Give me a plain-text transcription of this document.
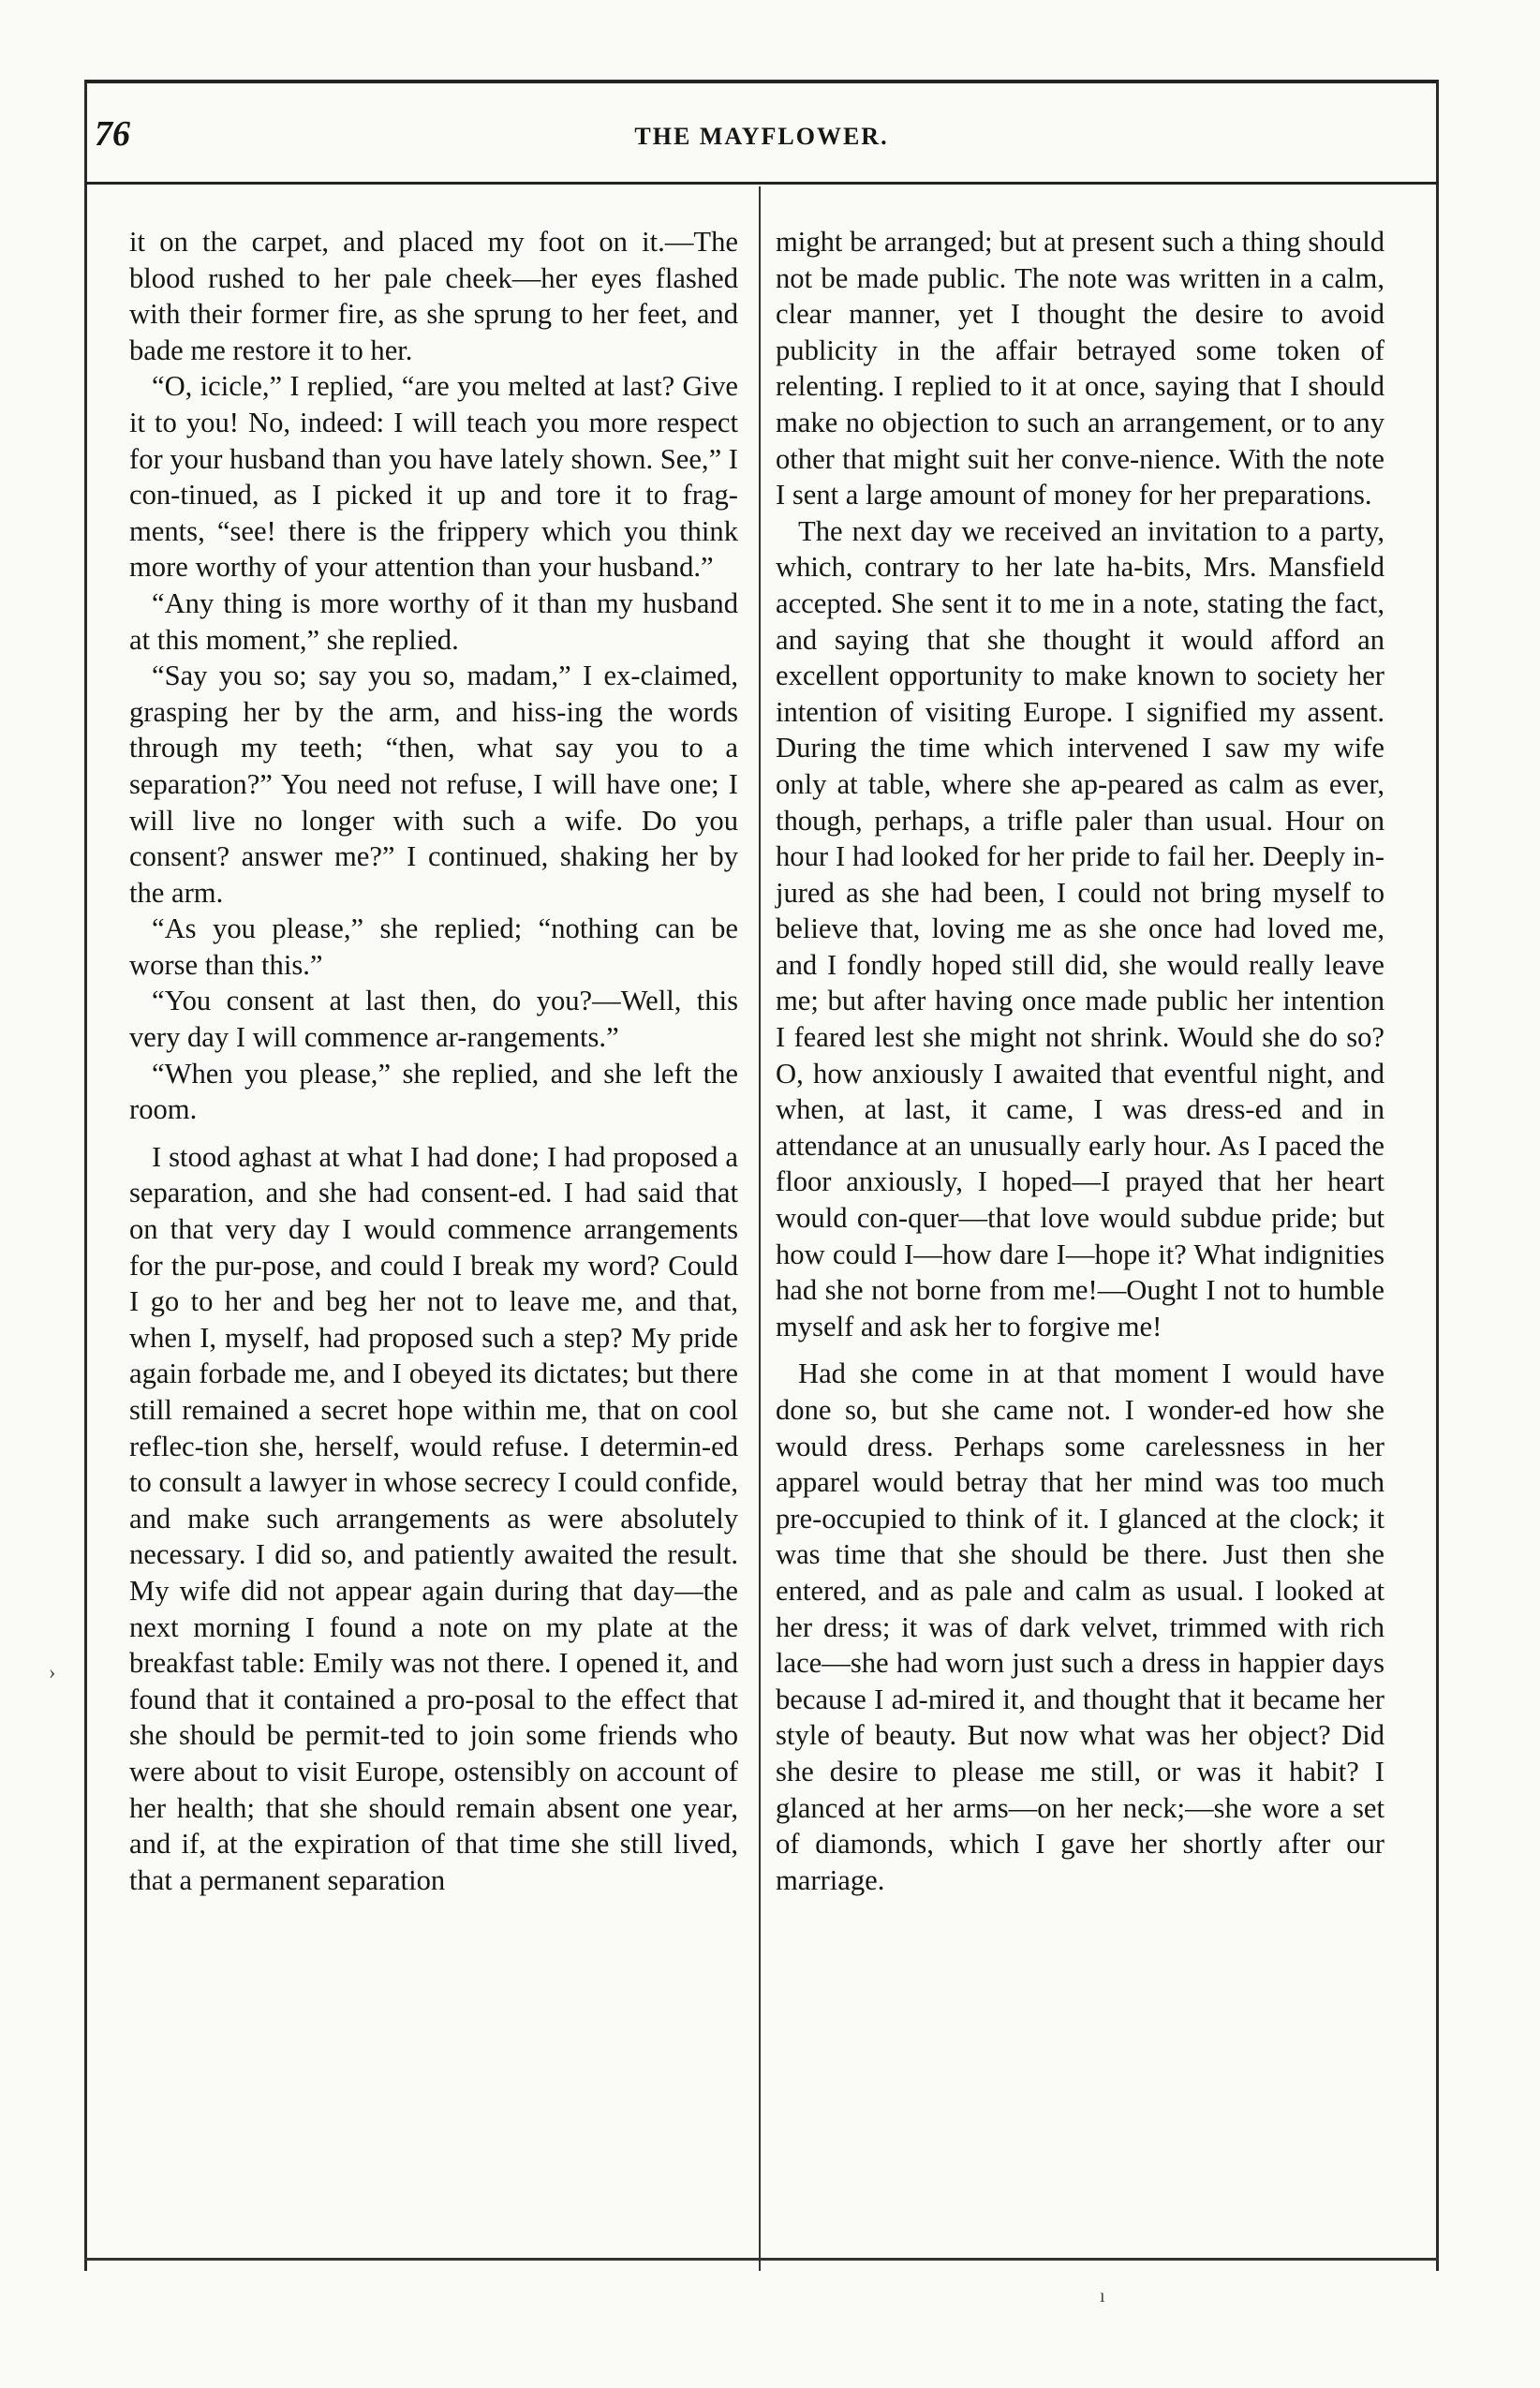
76	THE MAYFLOWER.

it on the carpet, and placed my foot on it.—The blood rushed to her pale cheek—her eyes flashed with their former fire, as she sprung to her feet, and bade me restore it to her.

“O, icicle,” I replied, “are you melted at last? Give it to you! No, indeed: I will teach you more respect for your husband than you have lately shown. See,” I con-tinued, as I picked it up and tore it to frag-ments, “see! there is the frippery which you think more worthy of your attention than your husband.”

“Any thing is more worthy of it than my husband at this moment,” she replied.

“Say you so; say you so, madam,” I ex-claimed, grasping her by the arm, and hiss-ing the words through my teeth; “then, what say you to a separation?” You need not refuse, I will have one; I will live no longer with such a wife. Do you consent? answer me?” I continued, shaking her by the arm.

“As you please,” she replied; “nothing can be worse than this.”

“You consent at last then, do you?—Well, this very day I will commence ar-rangements.”

“When you please,” she replied, and she left the room.

I stood aghast at what I had done; I had proposed a separation, and she had consent-ed. I had said that on that very day I would commence arrangements for the pur-pose, and could I break my word? Could I go to her and beg her not to leave me, and that, when I, myself, had proposed such a step? My pride again forbade me, and I obeyed its dictates; but there still remained a secret hope within me, that on cool reflec-tion she, herself, would refuse. I determin-ed to consult a lawyer in whose secrecy I could confide, and make such arrangements as were absolutely necessary. I did so, and patiently awaited the result. My wife did not appear again during that day—the next morning I found a note on my plate at the breakfast table: Emily was not there. I opened it, and found that it contained a pro-posal to the effect that she should be permit-ted to join some friends who were about to visit Europe, ostensibly on account of her health; that she should remain absent one year, and if, at the expiration of that time she still lived, that a permanent separation

might be arranged; but at present such a thing should not be made public. The note was written in a calm, clear manner, yet I thought the desire to avoid publicity in the affair betrayed some token of relenting. I replied to it at once, saying that I should make no objection to such an arrangement, or to any other that might suit her conve-nience. With the note I sent a large amount of money for her preparations.

The next day we received an invitation to a party, which, contrary to her late ha-bits, Mrs. Mansfield accepted. She sent it to me in a note, stating the fact, and saying that she thought it would afford an excellent opportunity to make known to society her intention of visiting Europe. I signified my assent. During the time which intervened I saw my wife only at table, where she ap-peared as calm as ever, though, perhaps, a trifle paler than usual. Hour on hour I had looked for her pride to fail her. Deeply in-jured as she had been, I could not bring myself to believe that, loving me as she once had loved me, and I fondly hoped still did, she would really leave me; but after having once made public her intention I feared lest she might not shrink. Would she do so? O, how anxiously I awaited that eventful night, and when, at last, it came, I was dress-ed and in attendance at an unusually early hour. As I paced the floor anxiously, I hoped—I prayed that her heart would con-quer—that love would subdue pride; but how could I—how dare I—hope it? What indignities had she not borne from me!—Ought I not to humble myself and ask her to forgive me!

Had she come in at that moment I would have done so, but she came not. I wonder-ed how she would dress. Perhaps some carelessness in her apparel would betray that her mind was too much pre-occupied to think of it. I glanced at the clock; it was time that she should be there. Just then she entered, and as pale and calm as usual. I looked at her dress; it was of dark velvet, trimmed with rich lace—she had worn just such a dress in happier days because I ad-mired it, and thought that it became her style of beauty. But now what was her object? Did she desire to please me still, or was it habit? I glanced at her arms—on her neck;—she wore a set of diamonds, which I gave her shortly after our marriage.

›
ı
